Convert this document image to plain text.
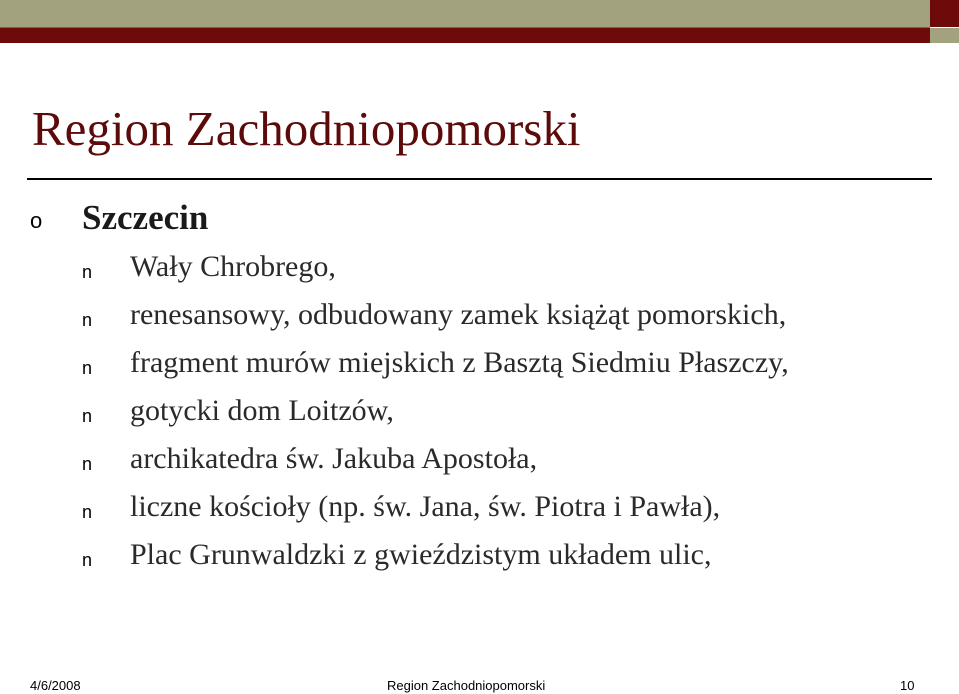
Region Zachodniopomorski
o Szczecin
n Wały Chrobrego,
n renesansowy, odbudowany zamek książąt pomorskich,
n fragment murów miejskich z Basztą Siedmiu Płaszczy,
n gotycki dom Loitzów,
n archikatedra św. Jakuba Apostoła,
n liczne kościoły (np. św. Jana, św. Piotra i Pawła),
n Plac Grunwaldzki z gwieździstym układem ulic,
4/6/2008	Region Zachodniopomorski	10
